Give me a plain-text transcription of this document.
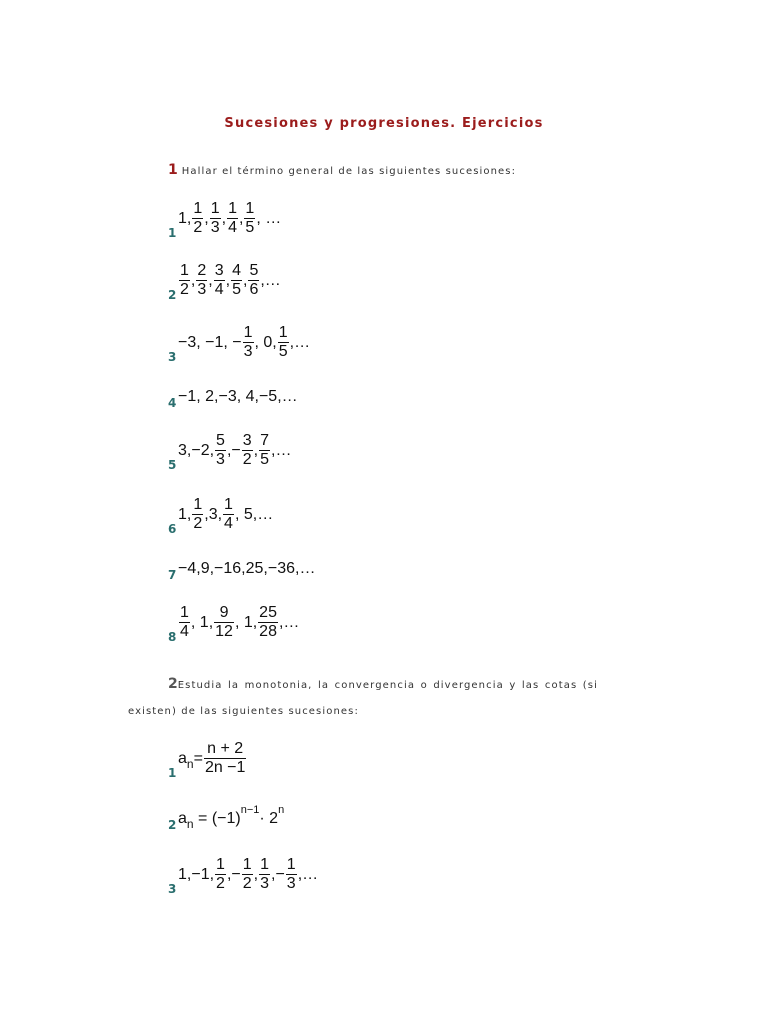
Sucesiones y progresiones. Ejercicios
1 Hallar el término general de las siguientes sucesiones:
1
1, $\frac{1}{2}$ , $\frac{1}{3}$ , $\frac{1}{4}$ , $\frac{1}{5}$ , …
$2 \frac{1}{2}$ , $\frac{2}{3}$ , $\frac{3}{4}$ , $\frac{4}{5}$ , $\frac{5}{6}$ ,…
3
−3, −1, − $\frac{1}{3}$ , 0, $\frac{1}{5}$ ,…
4 −1, 2,−3, 4,−5,…
5
3,−2, $\frac{5}{3}$ ,− $\frac{3}{2}$ , $\frac{7}{5}$ ,…
6
1, $\frac{1}{2} ,3$, $\frac{1}{4}$ , 5,…
7 −4,9,−16,25,−36,…
$8 \frac{1}{4}$ , 1, $\frac{9}{12}$ , 1, $\frac{25}{28}$ ,…
2Estudia la monotonia, la convergencia o divergencia y las cotas (si
existen) de las siguientes sucesiones:
1
a $n = \frac{n + 2}{2n -1}$
2 a n = (−1) n−1 · 2 n
3
1,−1, $\frac{1}{2}$ ,− $\frac{1}{2}$ , $\frac{1}{3}$ ,− $\frac{1}{3}$ ,…
